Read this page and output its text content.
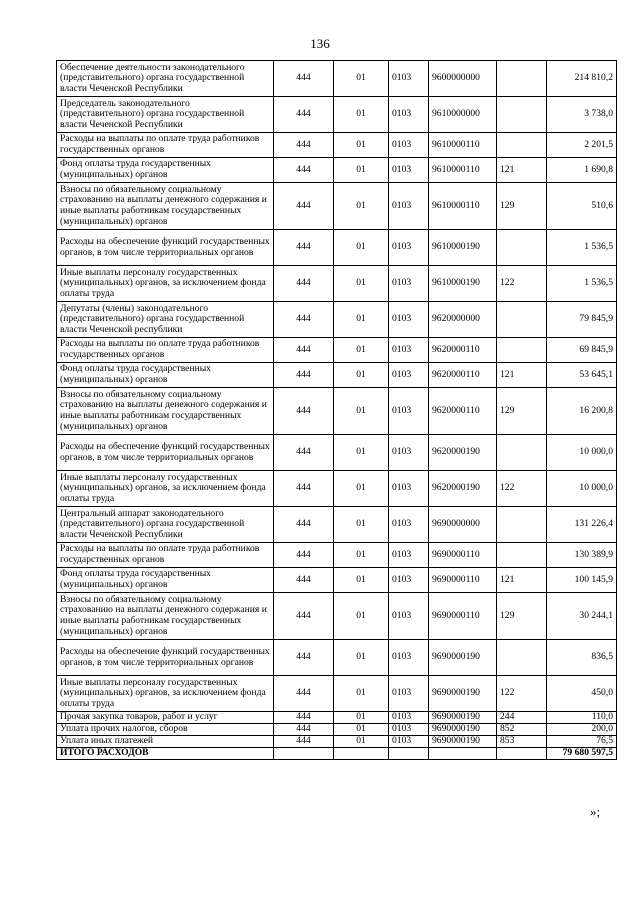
136
Обеспечение деятельности законодательного (представительного) органа государственной власти Чеченской Республики	444	01	0103	9600000000		214 810,2
Председатель законодательного (представительного) органа государственной власти Чеченской Республики	444	01	0103	9610000000		3 738,0
Расходы на выплаты по оплате труда работников государственных органов	444	01	0103	9610000110		2 201,5
Фонд оплаты труда государственных (муниципальных) органов	444	01	0103	9610000110	121	1 690,8
Взносы по обязательному социальному страхованию на выплаты денежного содержания и иные выплаты работникам государственных (муниципальных) органов	444	01	0103	9610000110	129	510,6
Расходы на обеспечение функций государственных органов, в том числе территориальных органов	444	01	0103	9610000190		1 536,5
Иные выплаты персоналу государственных (муниципальных) органов, за исключением фонда оплаты труда	444	01	0103	9610000190	122	1 536,5
Депутаты (члены) законодательного (представительного) органа государственной власти Чеченской республики	444	01	0103	9620000000		79 845,9
Расходы на выплаты по оплате труда работников государственных органов	444	01	0103	9620000110		69 845,9
Фонд оплаты труда государственных (муниципальных) органов	444	01	0103	9620000110	121	53 645,1
Взносы по обязательному социальному страхованию на выплаты денежного содержания и иные выплаты работникам государственных (муниципальных) органов	444	01	0103	9620000110	129	16 200,8
Расходы на обеспечение функций государственных органов, в том числе территориальных органов	444	01	0103	9620000190		10 000,0
Иные выплаты персоналу государственных (муниципальных) органов, за исключением фонда оплаты труда	444	01	0103	9620000190	122	10 000,0
Центральный аппарат законодательного (представительного) органа государственной власти Чеченской Республики	444	01	0103	9690000000		131 226,4
Расходы на выплаты по оплате труда работников государственных органов	444	01	0103	9690000110		130 389,9
Фонд оплаты труда государственных (муниципальных) органов	444	01	0103	9690000110	121	100 145,9
Взносы по обязательному социальному страхованию на выплаты денежного содержания и иные выплаты работникам государственных (муниципальных) органов	444	01	0103	9690000110	129	30 244,1
Расходы на обеспечение функций государственных органов, в том числе территориальных органов	444	01	0103	9690000190		836,5
Иные выплаты персоналу государственных (муниципальных) органов, за исключением фонда оплаты труда	444	01	0103	9690000190	122	450,0
Прочая закупка товаров, работ и услуг	444	01	0103	9690000190	244	110,0
Уплата прочих налогов, сборов	444	01	0103	9690000190	852	200,0
Уплата иных платежей	444	01	0103	9690000190	853	76,5
ИТОГО РАСХОДОВ						79 680 597,5
»;
